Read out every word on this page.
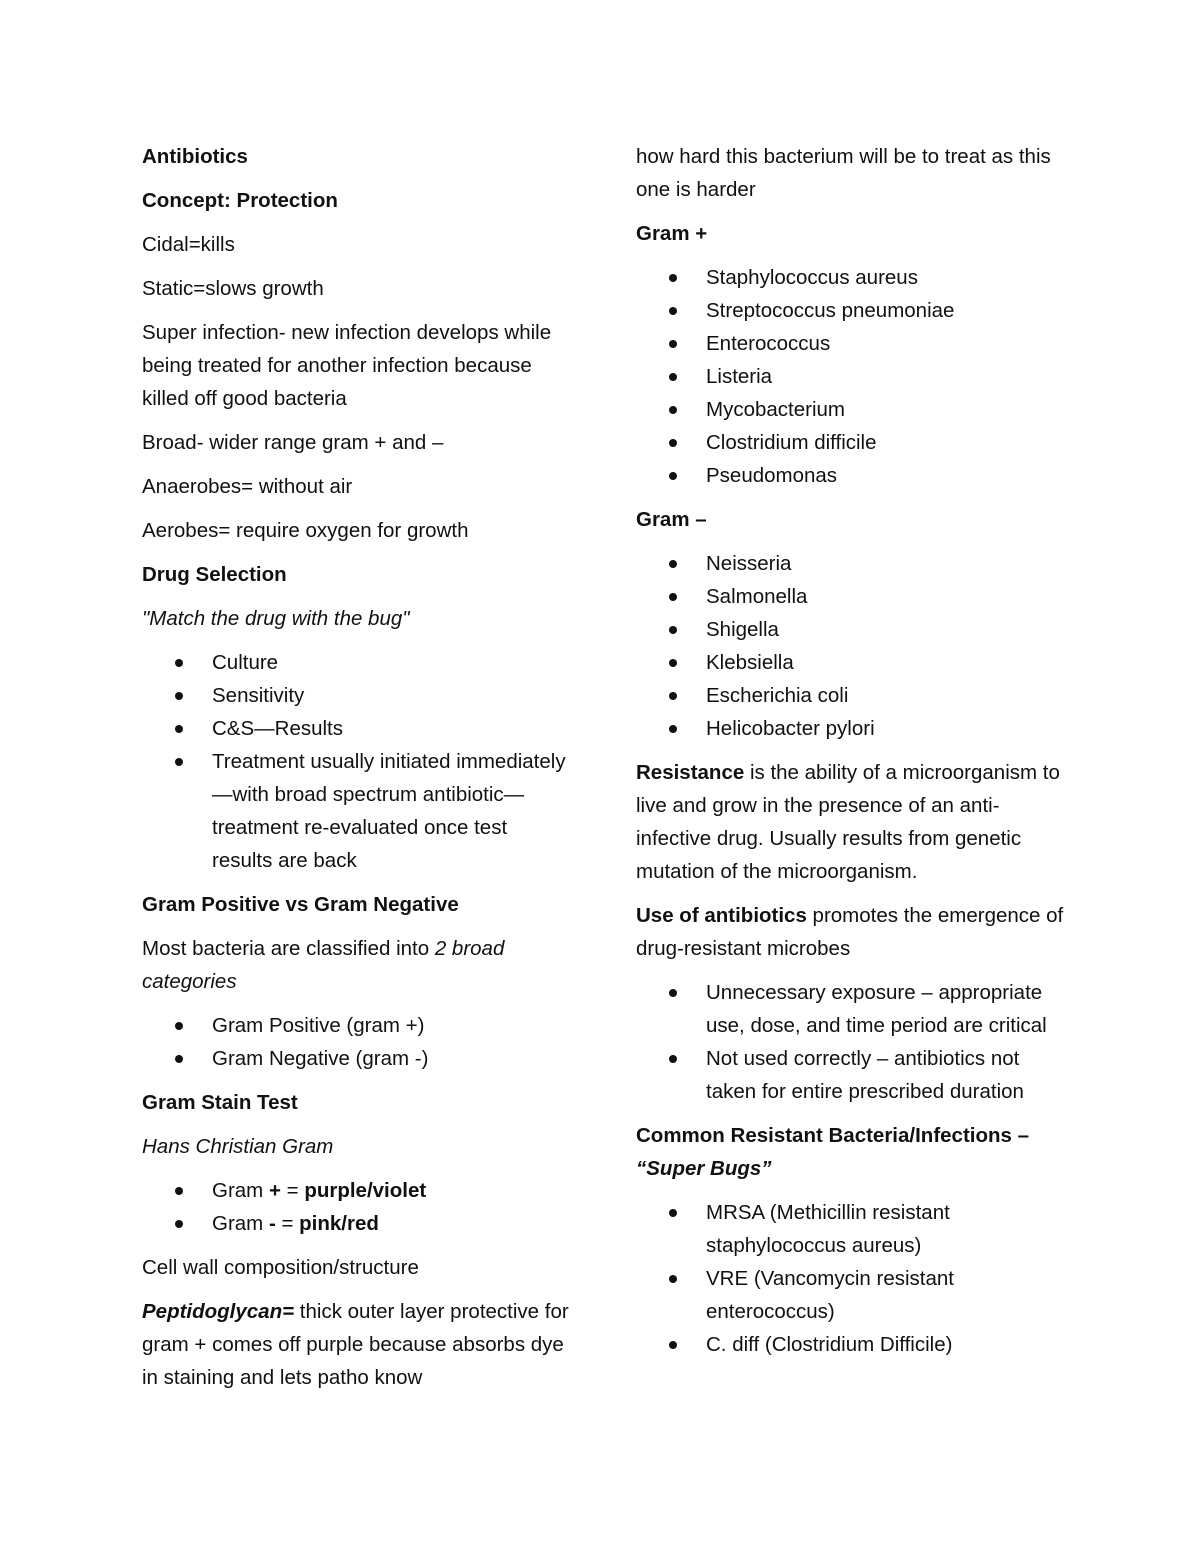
Antibiotics

Concept: Protection

Cidal=kills

Static=slows growth

Super infection- new infection develops while being treated for another infection because killed off good bacteria

Broad- wider range gram + and –

Anaerobes= without air

Aerobes= require oxygen for growth

Drug Selection

"Match the drug with the bug"

Culture
Sensitivity
C&S—Results
Treatment usually initiated immediately—with broad spectrum antibiotic—treatment re-evaluated once test results are back

Gram Positive vs Gram Negative

Most bacteria are classified into 2 broad categories

Gram Positive (gram +)
Gram Negative (gram -)

Gram Stain Test

Hans Christian Gram

Gram + = purple/violet
Gram - = pink/red

Cell wall composition/structure

Peptidoglycan= thick outer layer protective for gram + comes off purple because absorbs dye in staining and lets patho know

how hard this bacterium will be to treat as this one is harder

Gram +

Staphylococcus aureus
Streptococcus pneumoniae
Enterococcus
Listeria
Mycobacterium
Clostridium difficile
Pseudomonas

Gram –

Neisseria
Salmonella
Shigella
Klebsiella
Escherichia coli
Helicobacter pylori

Resistance is the ability of a microorganism to live and grow in the presence of an anti-infective drug. Usually results from genetic mutation of the microorganism.

Use of antibiotics promotes the emergence of drug-resistant microbes

Unnecessary exposure – appropriate use, dose, and time period are critical
Not used correctly – antibiotics not taken for entire prescribed duration

Common Resistant Bacteria/Infections –
“Super Bugs”

MRSA (Methicillin resistant staphylococcus aureus)
VRE (Vancomycin resistant enterococcus)
C. diff (Clostridium Difficile)
